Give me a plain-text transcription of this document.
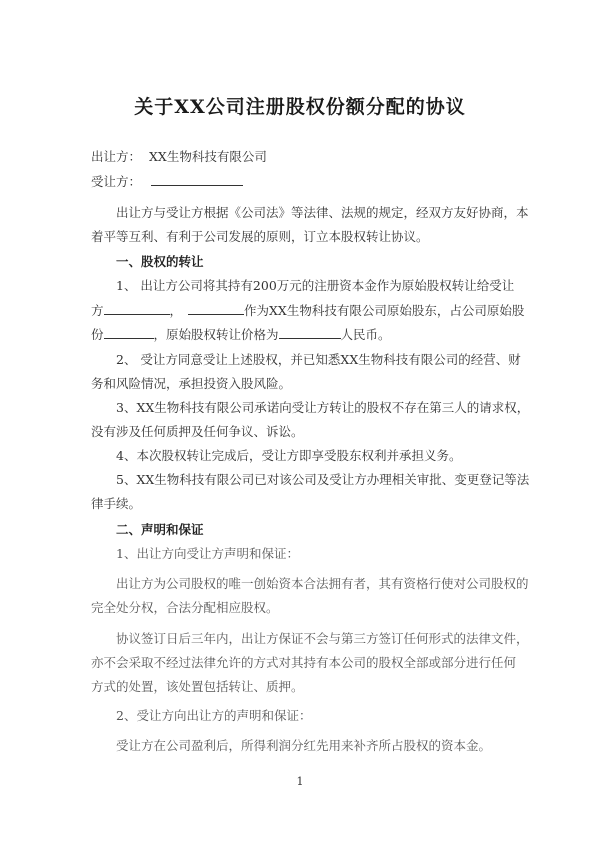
关于XX公司注册股权份额分配的协议
出让方： XX生物科技有限公司
受让方：
出让方与受让方根据《公司法》等法律、法规的规定，经双方友好协商，本
着平等互利、有利于公司发展的原则，订立本股权转让协议。
一、股权的转让
1、 出让方公司将其持有200万元的注册资本金作为原始股权转让给受让
方	，	作为XX生物科技有限公司原始股东，占公司原始股
份	，原始股权转让价格为	人民币。
2、 受让方同意受让上述股权，并已知悉XX生物科技有限公司的经营、财
务和风险情况，承担投资入股风险。
3、XX生物科技有限公司承诺向受让方转让的股权不存在第三人的请求权，
没有涉及任何质押及任何争议、诉讼。
4、本次股权转让完成后，受让方即享受股东权利并承担义务。
5、XX生物科技有限公司已对该公司及受让方办理相关审批、变更登记等法
律手续。
二、声明和保证
1、出让方向受让方声明和保证：
出让方为公司股权的唯一创始资本合法拥有者，其有资格行使对公司股权的
完全处分权，合法分配相应股权。
协议签订日后三年内，出让方保证不会与第三方签订任何形式的法律文件，
亦不会采取不经过法律允许的方式对其持有本公司的股权全部或部分进行任何
方式的处置，该处置包括转让、质押。
2、受让方向出让方的声明和保证：
受让方在公司盈利后，所得利润分红先用来补齐所占股权的资本金。
1
